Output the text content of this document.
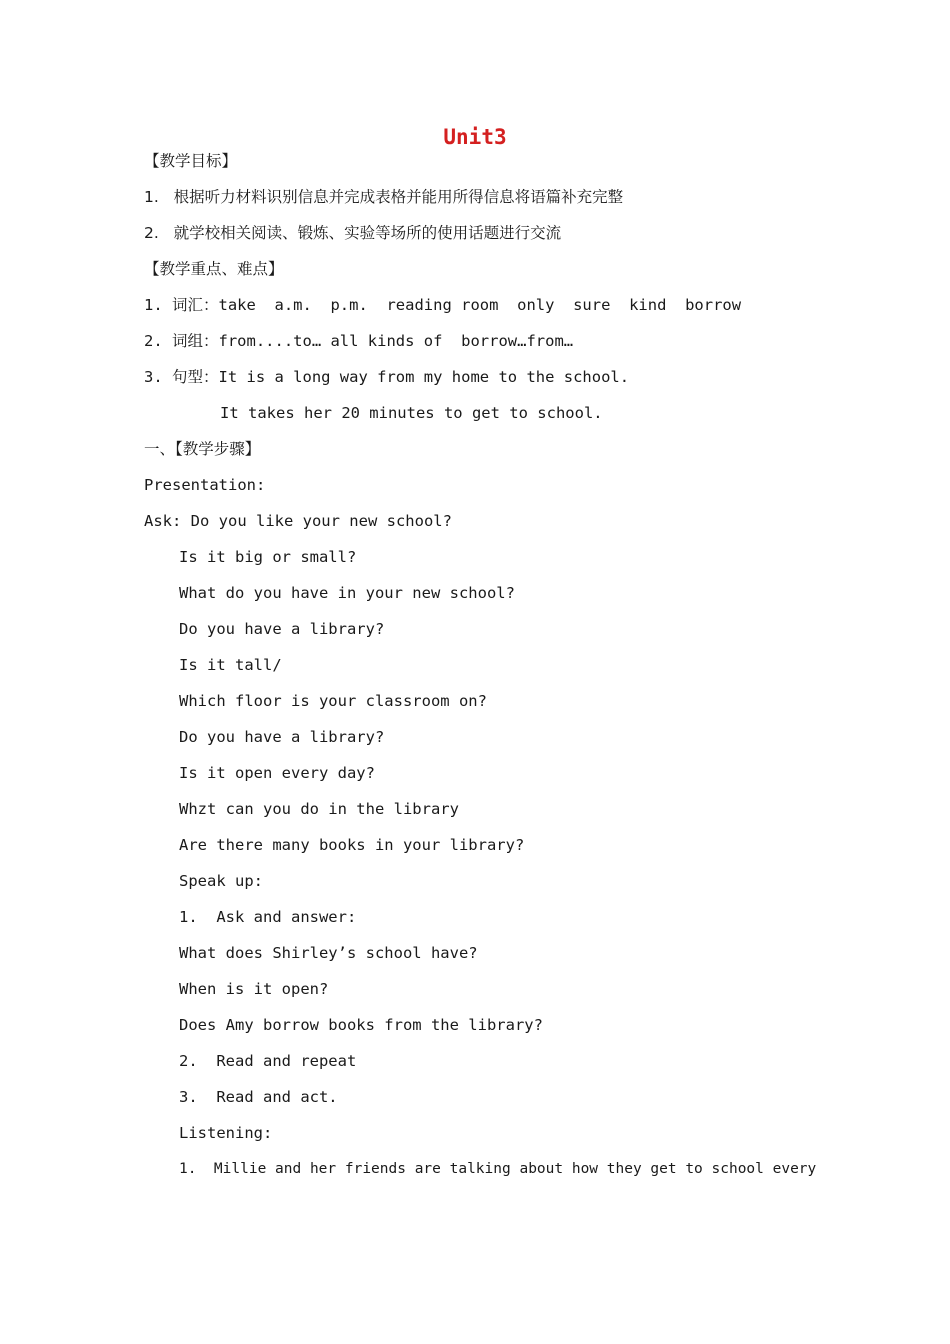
Unit3
【教学目标】
1.   根据听力材料识别信息并完成表格并能用所得信息将语篇补充完整
2.   就学校相关阅读、锻炼、实验等场所的使用话题进行交流
【教学重点、难点】
1. 词汇：take  a.m.  p.m.  reading room  only  sure  kind  borrow
2. 词组：from....to… all kinds of  borrow…from…
3. 句型：It is a long way from my home to the school.
It takes her 20 minutes to get to school.
一、【教学步骤】
Presentation:
Ask: Do you like your new school?
Is it big or small?
What do you have in your new school?
Do you have a library?
Is it tall/
Which floor is your classroom on?
Do you have a library?
Is it open every day?
Whzt can you do in the library
Are there many books in your library?
Speak up:
1.  Ask and answer:
What does Shirley’s school have?
When is it open?
Does Amy borrow books from the library?
2.  Read and repeat
3.  Read and act.
Listening:
1.  Millie and her friends are talking about how they get to school every
